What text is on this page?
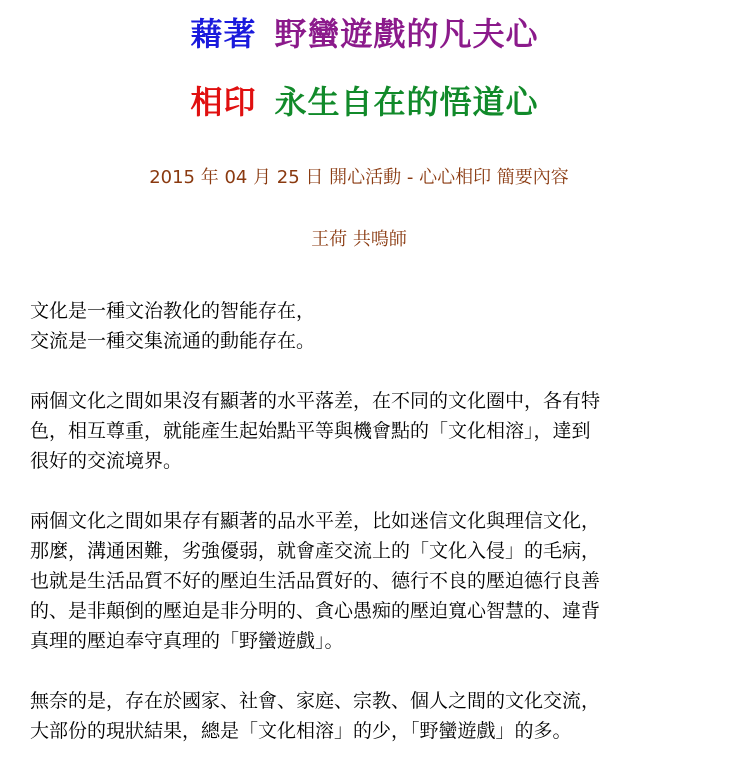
藉著 野蠻遊戲的凡夫心
相印 永生自在的悟道心
2015 年 04 月 25 日 開心活動 - 心心相印 簡要內容
王荷 共鳴師

文化是一種文治教化的智能存在，
交流是一種交集流通的動能存在。

兩個文化之間如果沒有顯著的水平落差，在不同的文化圈中，各有特
色，相互尊重，就能產生起始點平等與機會點的「文化相溶」，達到
很好的交流境界。

兩個文化之間如果存有顯著的品水平差，比如迷信文化與理信文化，
那麼，溝通困難，劣強優弱，就會產交流上的「文化入侵」的毛病，
也就是生活品質不好的壓迫生活品質好的、德行不良的壓迫德行良善
的、是非顛倒的壓迫是非分明的、貪心愚痴的壓迫寬心智慧的、違背
真理的壓迫奉守真理的「野蠻遊戲」。

無奈的是，存在於國家、社會、家庭、宗教、個人之間的文化交流，
大部份的現狀結果，總是「文化相溶」的少，「野蠻遊戲」的多。
